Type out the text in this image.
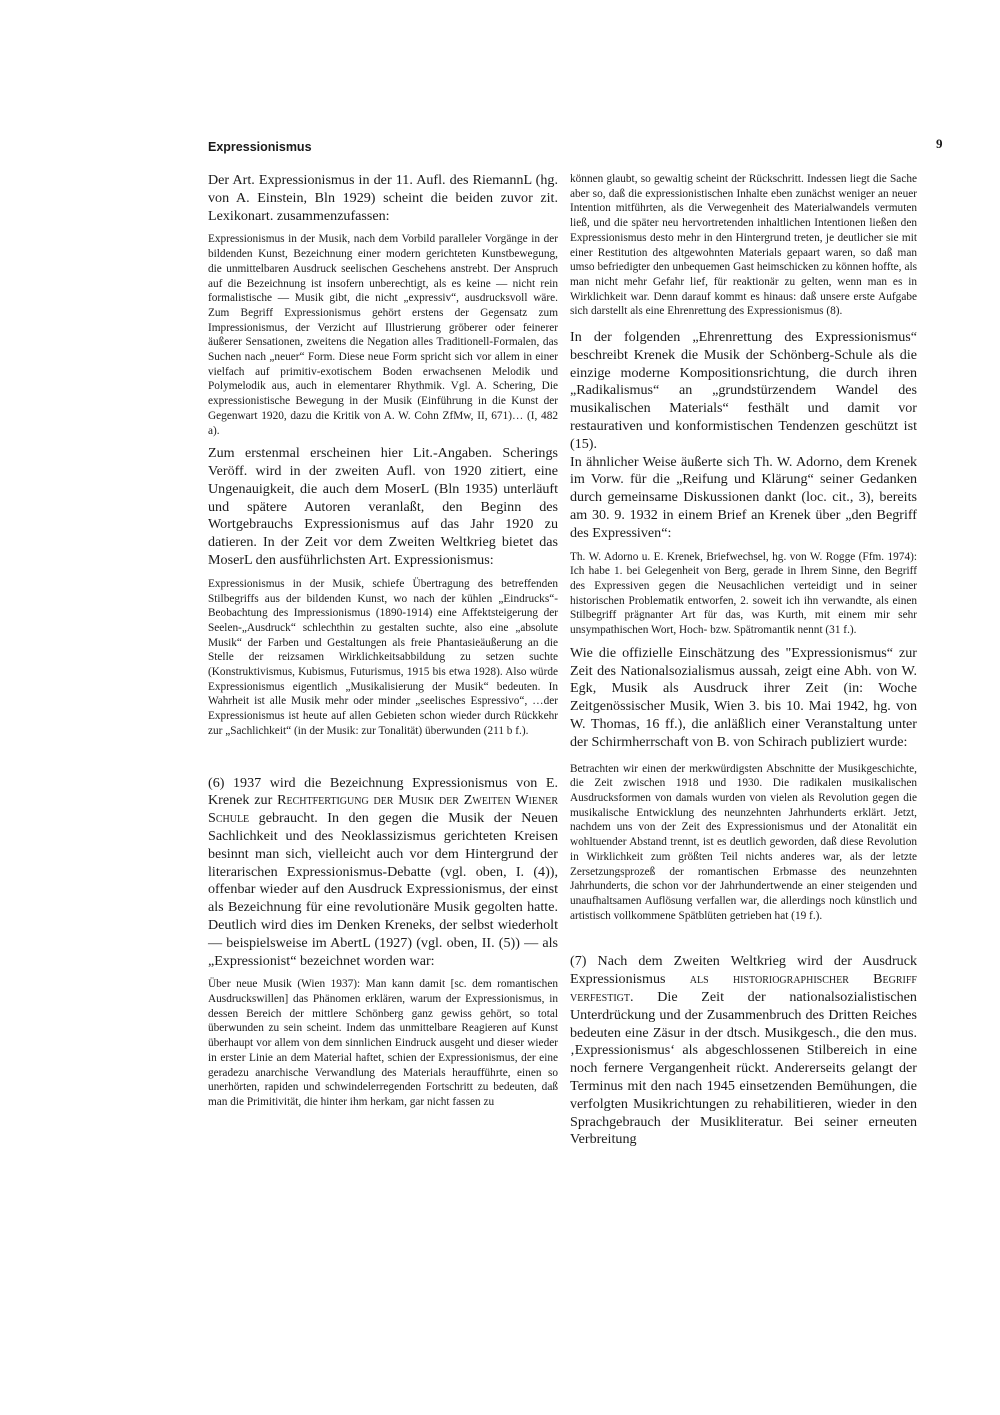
Expressionismus	9

Der Art. Expressionismus in der 11. Aufl. des RiemannL (hg. von A. Einstein, Bln 1929) scheint die beiden zuvor zit. Lexikonart. zusammenzufassen:

Expressionismus in der Musik, nach dem Vorbild paralleler Vorgänge in der bildenden Kunst, Bezeichnung einer modern gerichteten Kunstbewegung, die unmittelbaren Ausdruck seelischen Geschehens anstrebt. Der Anspruch auf die Bezeichnung ist insofern unberechtigt, als es keine — nicht rein formalistische — Musik gibt, die nicht „expressiv“, ausdrucksvoll wäre. Zum Begriff Expressionismus gehört erstens der Gegensatz zum Impressionismus, der Verzicht auf Illustrierung gröberer oder feinerer äußerer Sensationen, zweitens die Negation alles Traditionell-Formalen, das Suchen nach „neuer“ Form. Diese neue Form spricht sich vor allem in einer vielfach auf primitiv-exotischem Boden erwachsenen Melodik und Polymelodik aus, auch in elementarer Rhythmik. Vgl. A. Schering, Die expressionistische Bewegung in der Musik (Einführung in die Kunst der Gegenwart 1920, dazu die Kritik von A. W. Cohn ZfMw, II, 671)… (I, 482 a).

Zum erstenmal erscheinen hier Lit.-Angaben. Scherings Veröff. wird in der zweiten Aufl. von 1920 zitiert, eine Ungenauigkeit, die auch dem MoserL (Bln 1935) unterläuft und spätere Autoren veranlaßt, den Beginn des Wortgebrauchs Expressionismus auf das Jahr 1920 zu datieren. In der Zeit vor dem Zweiten Weltkrieg bietet das MoserL den ausführlichsten Art. Expressionismus:

Expressionismus in der Musik, schiefe Übertragung des betreffenden Stilbegriffs aus der bildenden Kunst, wo nach der kühlen „Eindrucks“-Beobachtung des Impressionismus (1890-1914) eine Affektsteigerung der Seelen-„Ausdruck“ schlechthin zu gestalten suchte, also eine „absolute Musik“ der Farben und Gestaltungen als freie Phantasieäußerung an die Stelle der reizsamen Wirklichkeitsabbildung zu setzen suchte (Konstruktivismus, Kubismus, Futurismus, 1915 bis etwa 1928). Also würde Expressionismus eigentlich „Musikalisierung der Musik“ bedeuten. In Wahrheit ist alle Musik mehr oder minder „seelisches Espressivo“, …der Expressionismus ist heute auf allen Gebieten schon wieder durch Rückkehr zur „Sachlichkeit“ (in der Musik: zur Tonalität) überwunden (211 b f.).

(6) 1937 wird die Bezeichnung Expressionismus von E. Krenek zur Rechtfertigung der Musik der Zweiten Wiener Schule gebraucht. In den gegen die Musik der Neuen Sachlichkeit und des Neoklassizismus gerichteten Kreisen besinnt man sich, vielleicht auch vor dem Hintergrund der literarischen Expressionismus-Debatte (vgl. oben, I. (4)), offenbar wieder auf den Ausdruck Expressionismus, der einst als Bezeichnung für eine revolutionäre Musik gegolten hatte. Deutlich wird dies im Denken Kreneks, der selbst wiederholt — beispielsweise im AbertL (1927) (vgl. oben, II. (5)) — als „Expressionist“ bezeichnet worden war:

Über neue Musik (Wien 1937): Man kann damit [sc. dem romantischen Ausdruckswillen] das Phänomen erklären, warum der Expressionismus, in dessen Bereich der mittlere Schönberg ganz gewiss gehört, so total überwunden zu sein scheint. Indem das unmittelbare Reagieren auf Kunst überhaupt vor allem von dem sinnlichen Eindruck ausgeht und dieser wieder in erster Linie an dem Material haftet, schien der Expressionismus, der eine geradezu anarchische Verwandlung des Materials heraufführte, einen so unerhörten, rapiden und schwindelerregenden Fortschritt zu bedeuten, daß man die Primitivität, die hinter ihm herkam, gar nicht fassen zu

können glaubt, so gewaltig scheint der Rückschritt. Indessen liegt die Sache aber so, daß die expressionistischen Inhalte eben zunächst weniger an neuer Intention mitführten, als die Verwegenheit des Materialwandels vermuten ließ, und die später neu hervortretenden inhaltlichen Intentionen ließen den Expressionismus desto mehr in den Hintergrund treten, je deutlicher sie mit einer Restitution des altgewohnten Materials gepaart waren, so daß man umso befriedigter den unbequemen Gast heimschicken zu können hoffte, als man nicht mehr Gefahr lief, für reaktionär zu gelten, wenn man es in Wirklichkeit war. Denn darauf kommt es hinaus: daß unsere erste Aufgabe sich darstellt als eine Ehrenrettung des Expressionismus (8).

In der folgenden „Ehrenrettung des Expressionismus“ beschreibt Krenek die Musik der Schönberg-Schule als die einzige moderne Kompositionsrichtung, die durch ihren „Radikalismus“ an „grundstürzendem Wandel des musikalischen Materials“ festhält und damit vor restaurativen und konformistischen Tendenzen geschützt ist (15).

In ähnlicher Weise äußerte sich Th. W. Adorno, dem Krenek im Vorw. für die „Reifung und Klärung“ seiner Gedanken durch gemeinsame Diskussionen dankt (loc. cit., 3), bereits am 30. 9. 1932 in einem Brief an Krenek über „den Begriff des Expressiven“:

Th. W. Adorno u. E. Krenek, Briefwechsel, hg. von W. Rogge (Ffm. 1974): Ich habe 1. bei Gelegenheit von Berg, gerade in Ihrem Sinne, den Begriff des Expressiven gegen die Neusachlichen verteidigt und in seiner historischen Problematik entworfen, 2. soweit ich ihn verwandte, als einen Stilbegriff prägnanter Art für das, was Kurth, mit einem mir sehr unsympathischen Wort, Hoch- bzw. Spätromantik nennt (31 f.).

Wie die offizielle Einschätzung des "Expressionismus“ zur Zeit des Nationalsozialismus aussah, zeigt eine Abh. von W. Egk, Musik als Ausdruck ihrer Zeit (in: Woche Zeitgenössischer Musik, Wien 3. bis 10. Mai 1942, hg. von W. Thomas, 16 ff.), die anläßlich einer Veranstaltung unter der Schirmherrschaft von B. von Schirach publiziert wurde:

Betrachten wir einen der merkwürdigsten Abschnitte der Musikgeschichte, die Zeit zwischen 1918 und 1930. Die radikalen musikalischen Ausdrucksformen von damals wurden von vielen als Revolution gegen die musikalische Entwicklung des neunzehnten Jahrhunderts erklärt. Jetzt, nachdem uns von der Zeit des Expressionismus und der Atonalität ein wohltuender Abstand trennt, ist es deutlich geworden, daß diese Revolution in Wirklichkeit zum größten Teil nichts anderes war, als der letzte Zersetzungsprozeß der romantischen Erbmasse des neunzehnten Jahrhunderts, die schon vor der Jahrhundertwende an einer steigenden und unaufhaltsamen Auflösung verfallen war, die allerdings noch künstlich und artistisch vollkommene Spätblüten getrieben hat (19 f.).

(7) Nach dem Zweiten Weltkrieg wird der Ausdruck Expressionismus als historiographischer Begriff verfestigt. Die Zeit der nationalsozialistischen Unterdrückung und der Zusammenbruch des Dritten Reiches bedeuten eine Zäsur in der dtsch. Musikgesch., die den mus. ‚Expressionismus‘ als abgeschlossenen Stilbereich in eine noch fernere Vergangenheit rückt. Andererseits gelangt der Terminus mit den nach 1945 einsetzenden Bemühungen, die verfolgten Musikrichtungen zu rehabilitieren, wieder in den Sprachgebrauch der Musikliteratur. Bei seiner erneuten Verbreitung
